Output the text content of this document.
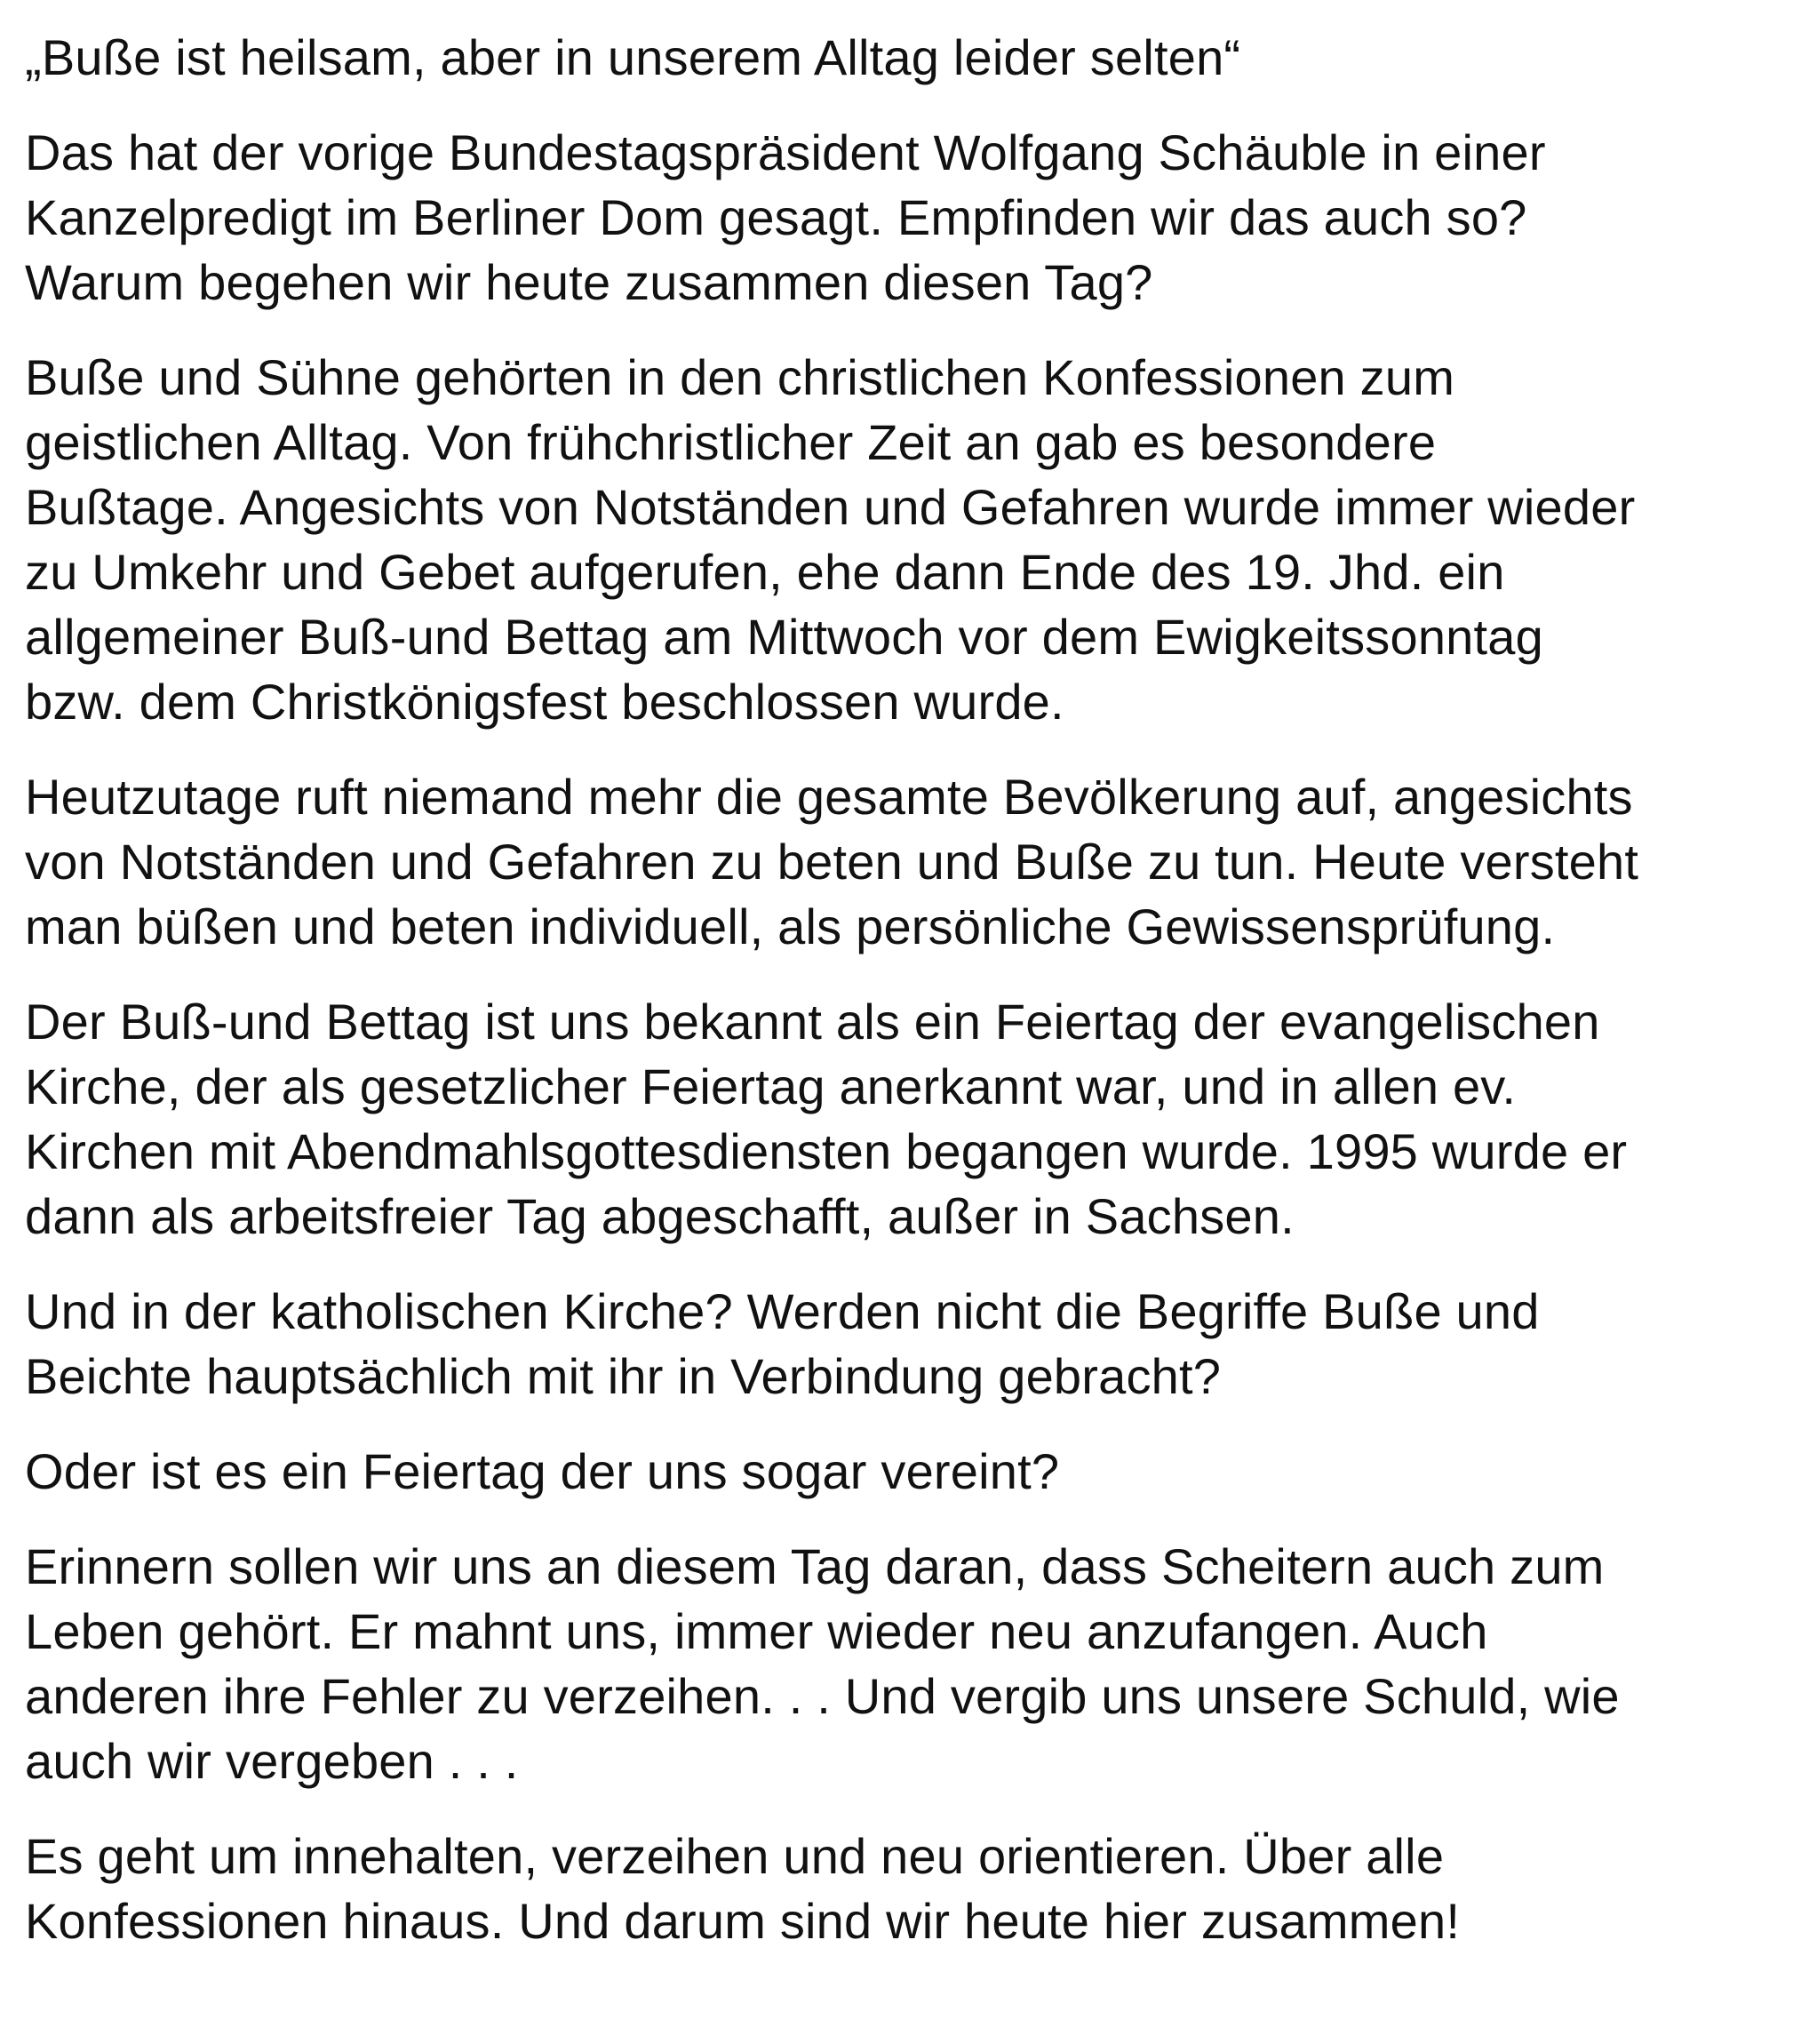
„Buße ist heilsam, aber in unserem Alltag leider selten“

Das hat der vorige Bundestagspräsident Wolfgang Schäuble in einer
Kanzelpredigt im Berliner Dom gesagt. Empfinden wir das auch so?
Warum begehen wir heute zusammen diesen Tag?

Buße und Sühne gehörten in den christlichen Konfessionen zum
geistlichen Alltag. Von frühchristlicher Zeit an gab es besondere
Bußtage. Angesichts von Notständen und Gefahren wurde immer wieder
zu Umkehr und Gebet aufgerufen, ehe dann Ende des 19. Jhd. ein
allgemeiner Buß-und Bettag am Mittwoch vor dem Ewigkeitssonntag
bzw. dem Christkönigsfest beschlossen wurde.

Heutzutage ruft niemand mehr die gesamte Bevölkerung auf, angesichts
von Notständen und Gefahren zu beten und Buße zu tun. Heute versteht
man büßen und beten individuell, als persönliche Gewissensprüfung.

Der Buß-und Bettag ist uns bekannt als ein Feiertag der evangelischen
Kirche, der als gesetzlicher Feiertag anerkannt war, und in allen ev.
Kirchen mit Abendmahlsgottesdiensten begangen wurde. 1995 wurde er
dann als arbeitsfreier Tag abgeschafft, außer in Sachsen.

Und in der katholischen Kirche? Werden nicht die Begriffe Buße und
Beichte hauptsächlich mit ihr in Verbindung gebracht?

Oder ist es ein Feiertag der uns sogar vereint?

Erinnern sollen wir uns an diesem Tag daran, dass Scheitern auch zum
Leben gehört. Er mahnt uns, immer wieder neu anzufangen. Auch
anderen ihre Fehler zu verzeihen. . . Und vergib uns unsere Schuld, wie
auch wir vergeben . . .

Es geht um innehalten, verzeihen und neu orientieren. Über alle
Konfessionen hinaus. Und darum sind wir heute hier zusammen!
